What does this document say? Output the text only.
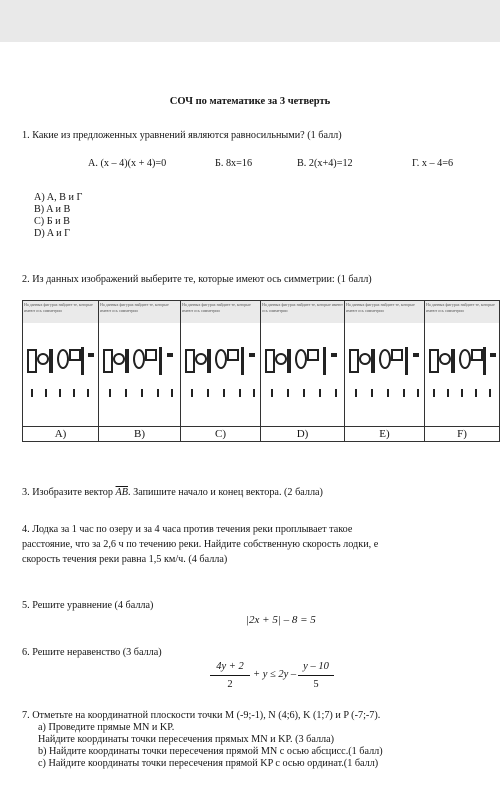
СОЧ по математике за 3 четверть
1. Какие из предложенных уравнений являются равносильными? (1 балл)
А. (x – 4)(x + 4)=0	Б. 8x=16	В. 2(x+4)=12	Г. x – 4=6
A) A, В и Г
B) A и В
C) Б и В
D) A и Г
2. Из данных изображений выберите те, которые имеют ось симметрии: (1 балл)
На данных фигурах найдите те, которые имеют ось симметрии
A)
На данных фигурах найдите те, которые имеют ось симметрии
B)
На данных фигурах найдите те, которые имеют ось симметрии
C)
На данных фигурах найдите те, которые имеют ось симметрии
D)
На данных фигурах найдите те, которые имеют ось симметрии
E)
На данных фигурах найдите те, которые имеют ось симметрии
F)
3. Изобразите вектор $\overline{AB}$. Запишите начало и конец вектора. (2 балла)
4. Лодка за 1 час по озеру и за 4 часа против течения реки проплывает такое
расстояние, что за 2,6 ч по течению реки. Найдите собственную скорость лодки, е
скорость течения реки равна 1,5 км/ч. (4 балла)
5. Решите уравнение (4 балла)
|2x + 5| – 8 = 5
6. Решите неравенство (3 балла)
4y + 2
2
+ y ≤ 2y –
y – 10
5
7. Отметьте на координатной плоскости точки M (-9;-1), N (4;6), K (1;7) и P (-7;-7).
a) Проведите прямые MN и KP.
Найдите координаты точки пересечения прямых MN и KP. (3 балла)
b) Найдите координаты точки пересечения прямой MN с осью абсцисс.(1 балл)
c) Найдите координаты точки пересечения прямой KP с осью ординат.(1 балл)
